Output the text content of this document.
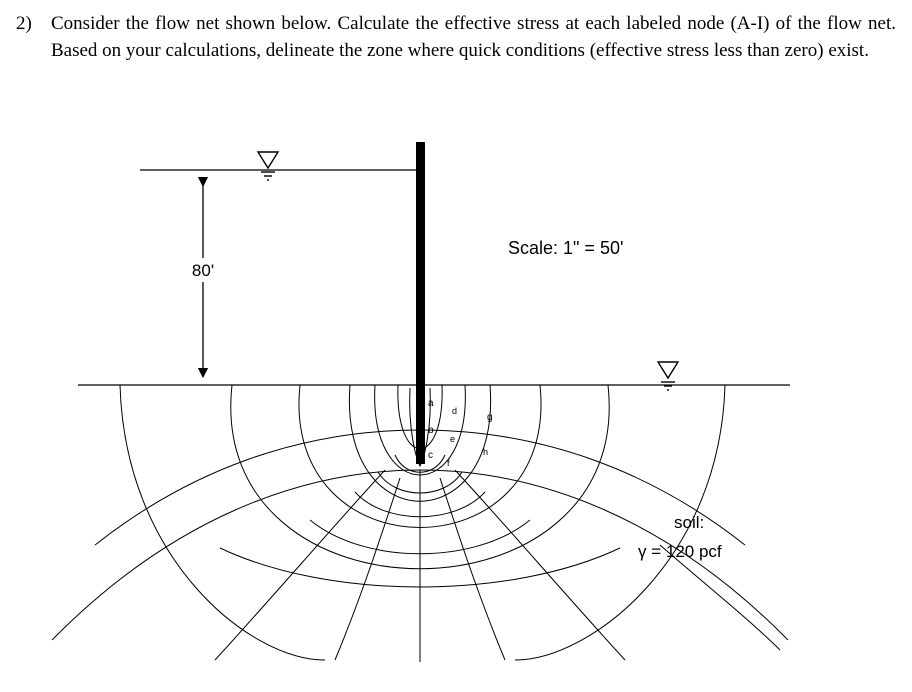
2) Consider the flow net shown below. Calculate the effective stress at each labeled node (A-I) of the flow net. Based on your calculations, delineate the zone where quick conditions (effective stress less than zero) exist.
80'
Scale: 1" = 50'
soil:
γ = 120 pcf
a
b
c
d
e
f
g
h
